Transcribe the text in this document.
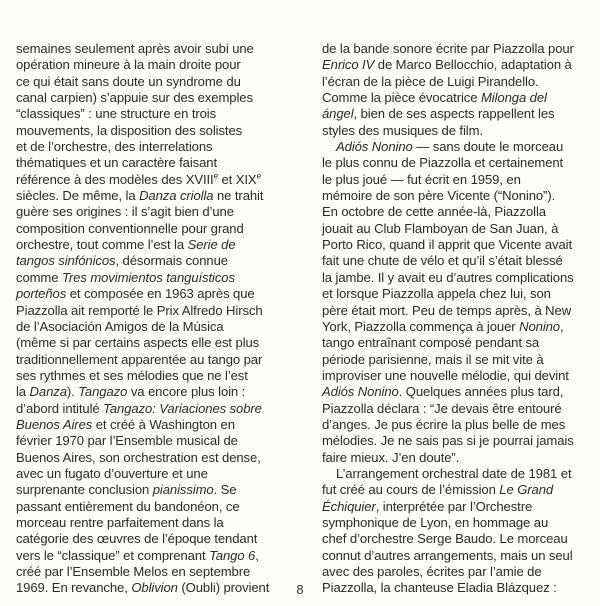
semaines seulement après avoir subi une
opération mineure à la main droite pour
ce qui était sans doute un syndrome du
canal carpien) s’appuie sur des exemples
“classiques” : une structure en trois
mouvements, la disposition des solistes
et de l’orchestre, des interrelations
thématiques et un caractère faisant
référence à des modèles des XVIIIe et XIXe
siècles. De même, la Danza criolla ne trahit
guère ses origines : il s’agit bien d’une
composition conventionnelle pour grand
orchestre, tout comme l’est la Serie de
tangos sinfónicos, désormais connue
comme Tres movimientos tanguísticos
porteños et composée en 1963 après que
Piazzolla ait remporté le Prix Alfredo Hirsch
de l’Asociación Amigos de la Música
(même si par certains aspects elle est plus
traditionnellement apparentée au tango par
ses rythmes et ses mélodies que ne l’est
la Danza). Tangazo va encore plus loin :
d’abord intitulé Tangazo: Variaciones sobre
Buenos Aires et créé à Washington en
février 1970 par l’Ensemble musical de
Buenos Aires, son orchestration est dense,
avec un fugato d’ouverture et une
surprenante conclusion pianissimo. Se
passant entièrement du bandonéon, ce
morceau rentre parfaitement dans la
catégorie des œuvres de l’époque tendant
vers le “classique” et comprenant Tango 6,
créé par l’Ensemble Melos en septembre
1969. En revanche, Oblivion (Oubli) provient
de la bande sonore écrite par Piazzolla pour
Enrico IV de Marco Bellocchio, adaptation à
l’écran de la pièce de Luigi Pirandello.
Comme la pièce évocatrice Milonga del
ángel, bien de ses aspects rappellent les
styles des musiques de film.
Adiós Nonino — sans doute le morceau
le plus connu de Piazzolla et certainement
le plus joué — fut écrit en 1959, en
mémoire de son père Vicente (“Nonino”).
En octobre de cette année-là, Piazzolla
jouait au Club Flamboyan de San Juan, à
Porto Rico, quand il apprit que Vicente avait
fait une chute de vélo et qu’il s’était blessé
la jambe. Il y avait eu d’autres complications
et lorsque Piazzolla appela chez lui, son
père était mort. Peu de temps après, à New
York, Piazzolla commença à jouer Nonino,
tango entraînant composé pendant sa
période parisienne, mais il se mit vite à
improviser une nouvelle mélodie, qui devint
Adiós Nonino. Quelques années plus tard,
Piazzolla déclara : “Je devais être entouré
d’anges. Je pus écrire la plus belle de mes
mélodies. Je ne sais pas si je pourrai jamais
faire mieux. J’en doute”.
L’arrangement orchestral date de 1981 et
fut créé au cours de l’émission Le Grand
Échiquier, interprétée par l’Orchestre
symphonique de Lyon, en hommage au
chef d’orchestre Serge Baudo. Le morceau
connut d’autres arrangements, mais un seul
avec des paroles, écrites par l’amie de
Piazzolla, la chanteuse Eladia Blázquez :
8
